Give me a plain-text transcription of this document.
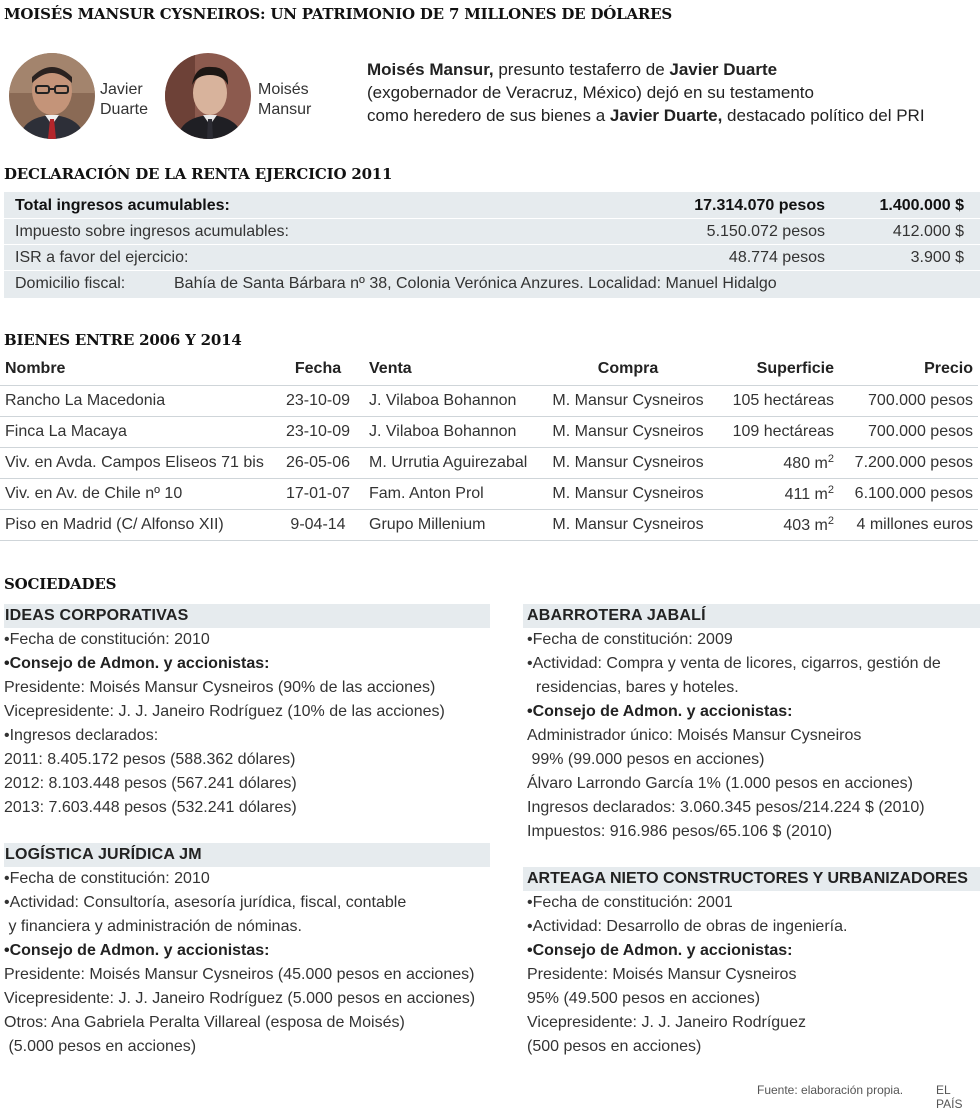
MOISÉS MANSUR CYSNEIROS: UN PATRIMONIO DE 7 MILLONES DE DÓLARES
Javier
Duarte
Moisés
Mansur
Moisés Mansur, presunto testaferro de Javier Duarte
(exgobernador de Veracruz, México) dejó en su testamento
como heredero de sus bienes a Javier Duarte, destacado político del PRI
DECLARACIÓN DE LA RENTA EJERCICIO 2011
Total ingresos acumulables:	17.314.070 pesos	1.400.000 $
Impuesto sobre ingresos acumulables:	5.150.072 pesos	412.000 $
ISR a favor del ejercicio:	48.774 pesos	3.900 $
Domicilio fiscal:	Bahía de Santa Bárbara nº 38, Colonia Verónica Anzures. Localidad: Manuel Hidalgo
BIENES ENTRE 2006 Y 2014
Nombre	Fecha	Venta	Compra	Superficie	Precio
Rancho La Macedonia	23-10-09	J. Vilaboa Bohannon	M. Mansur Cysneiros	105 hectáreas	700.000 pesos
Finca La Macaya	23-10-09	J. Vilaboa Bohannon	M. Mansur Cysneiros	109 hectáreas	700.000 pesos
Viv. en Avda. Campos Eliseos 71 bis	26-05-06	M. Urrutia Aguirezabal	M. Mansur Cysneiros	480 $m^2$	7.200.000 pesos
Viv. en Av. de Chile nº 10	17-01-07	Fam. Anton Prol	M. Mansur Cysneiros	411 $m^2$	6.100.000 pesos
Piso en Madrid (C/ Alfonso XII)	9-04-14	Grupo Millenium	M. Mansur Cysneiros	403 $m^2$	4 millones euros
SOCIEDADES
IDEAS CORPORATIVAS
•Fecha de constitución: 2010
•Consejo de Admon. y accionistas:
Presidente: Moisés Mansur Cysneiros (90% de las acciones)
Vicepresidente: J. J. Janeiro Rodríguez (10% de las acciones)
•Ingresos declarados:
2011: 8.405.172 pesos (588.362 dólares)
2012: 8.103.448 pesos (567.241 dólares)
2013: 7.603.448 pesos (532.241 dólares)
LOGÍSTICA JURÍDICA JM
•Fecha de constitución: 2010
•Actividad: Consultoría, asesoría jurídica, fiscal, contable
y financiera y administración de nóminas.
•Consejo de Admon. y accionistas:
Presidente: Moisés Mansur Cysneiros (45.000 pesos en acciones)
Vicepresidente: J. J. Janeiro Rodríguez (5.000 pesos en acciones)
Otros: Ana Gabriela Peralta Villareal (esposa de Moisés)
(5.000 pesos en acciones)
ABARROTERA JABALÍ
•Fecha de constitución: 2009
•Actividad: Compra y venta de licores, cigarros, gestión de
residencias, bares y hoteles.
•Consejo de Admon. y accionistas:
Administrador único: Moisés Mansur Cysneiros
99% (99.000 pesos en acciones)
Álvaro Larrondo García 1% (1.000 pesos en acciones)
Ingresos declarados: 3.060.345 pesos/214.224 $ (2010)
Impuestos: 916.986 pesos/65.106 $ (2010)
ARTEAGA NIETO CONSTRUCTORES Y URBANIZADORES
•Fecha de constitución: 2001
•Actividad: Desarrollo de obras de ingeniería.
•Consejo de Admon. y accionistas:
Presidente: Moisés Mansur Cysneiros
95% (49.500 pesos en acciones)
Vicepresidente: J. J. Janeiro Rodríguez
(500 pesos en acciones)
Fuente: elaboración propia.	EL PAÍS
